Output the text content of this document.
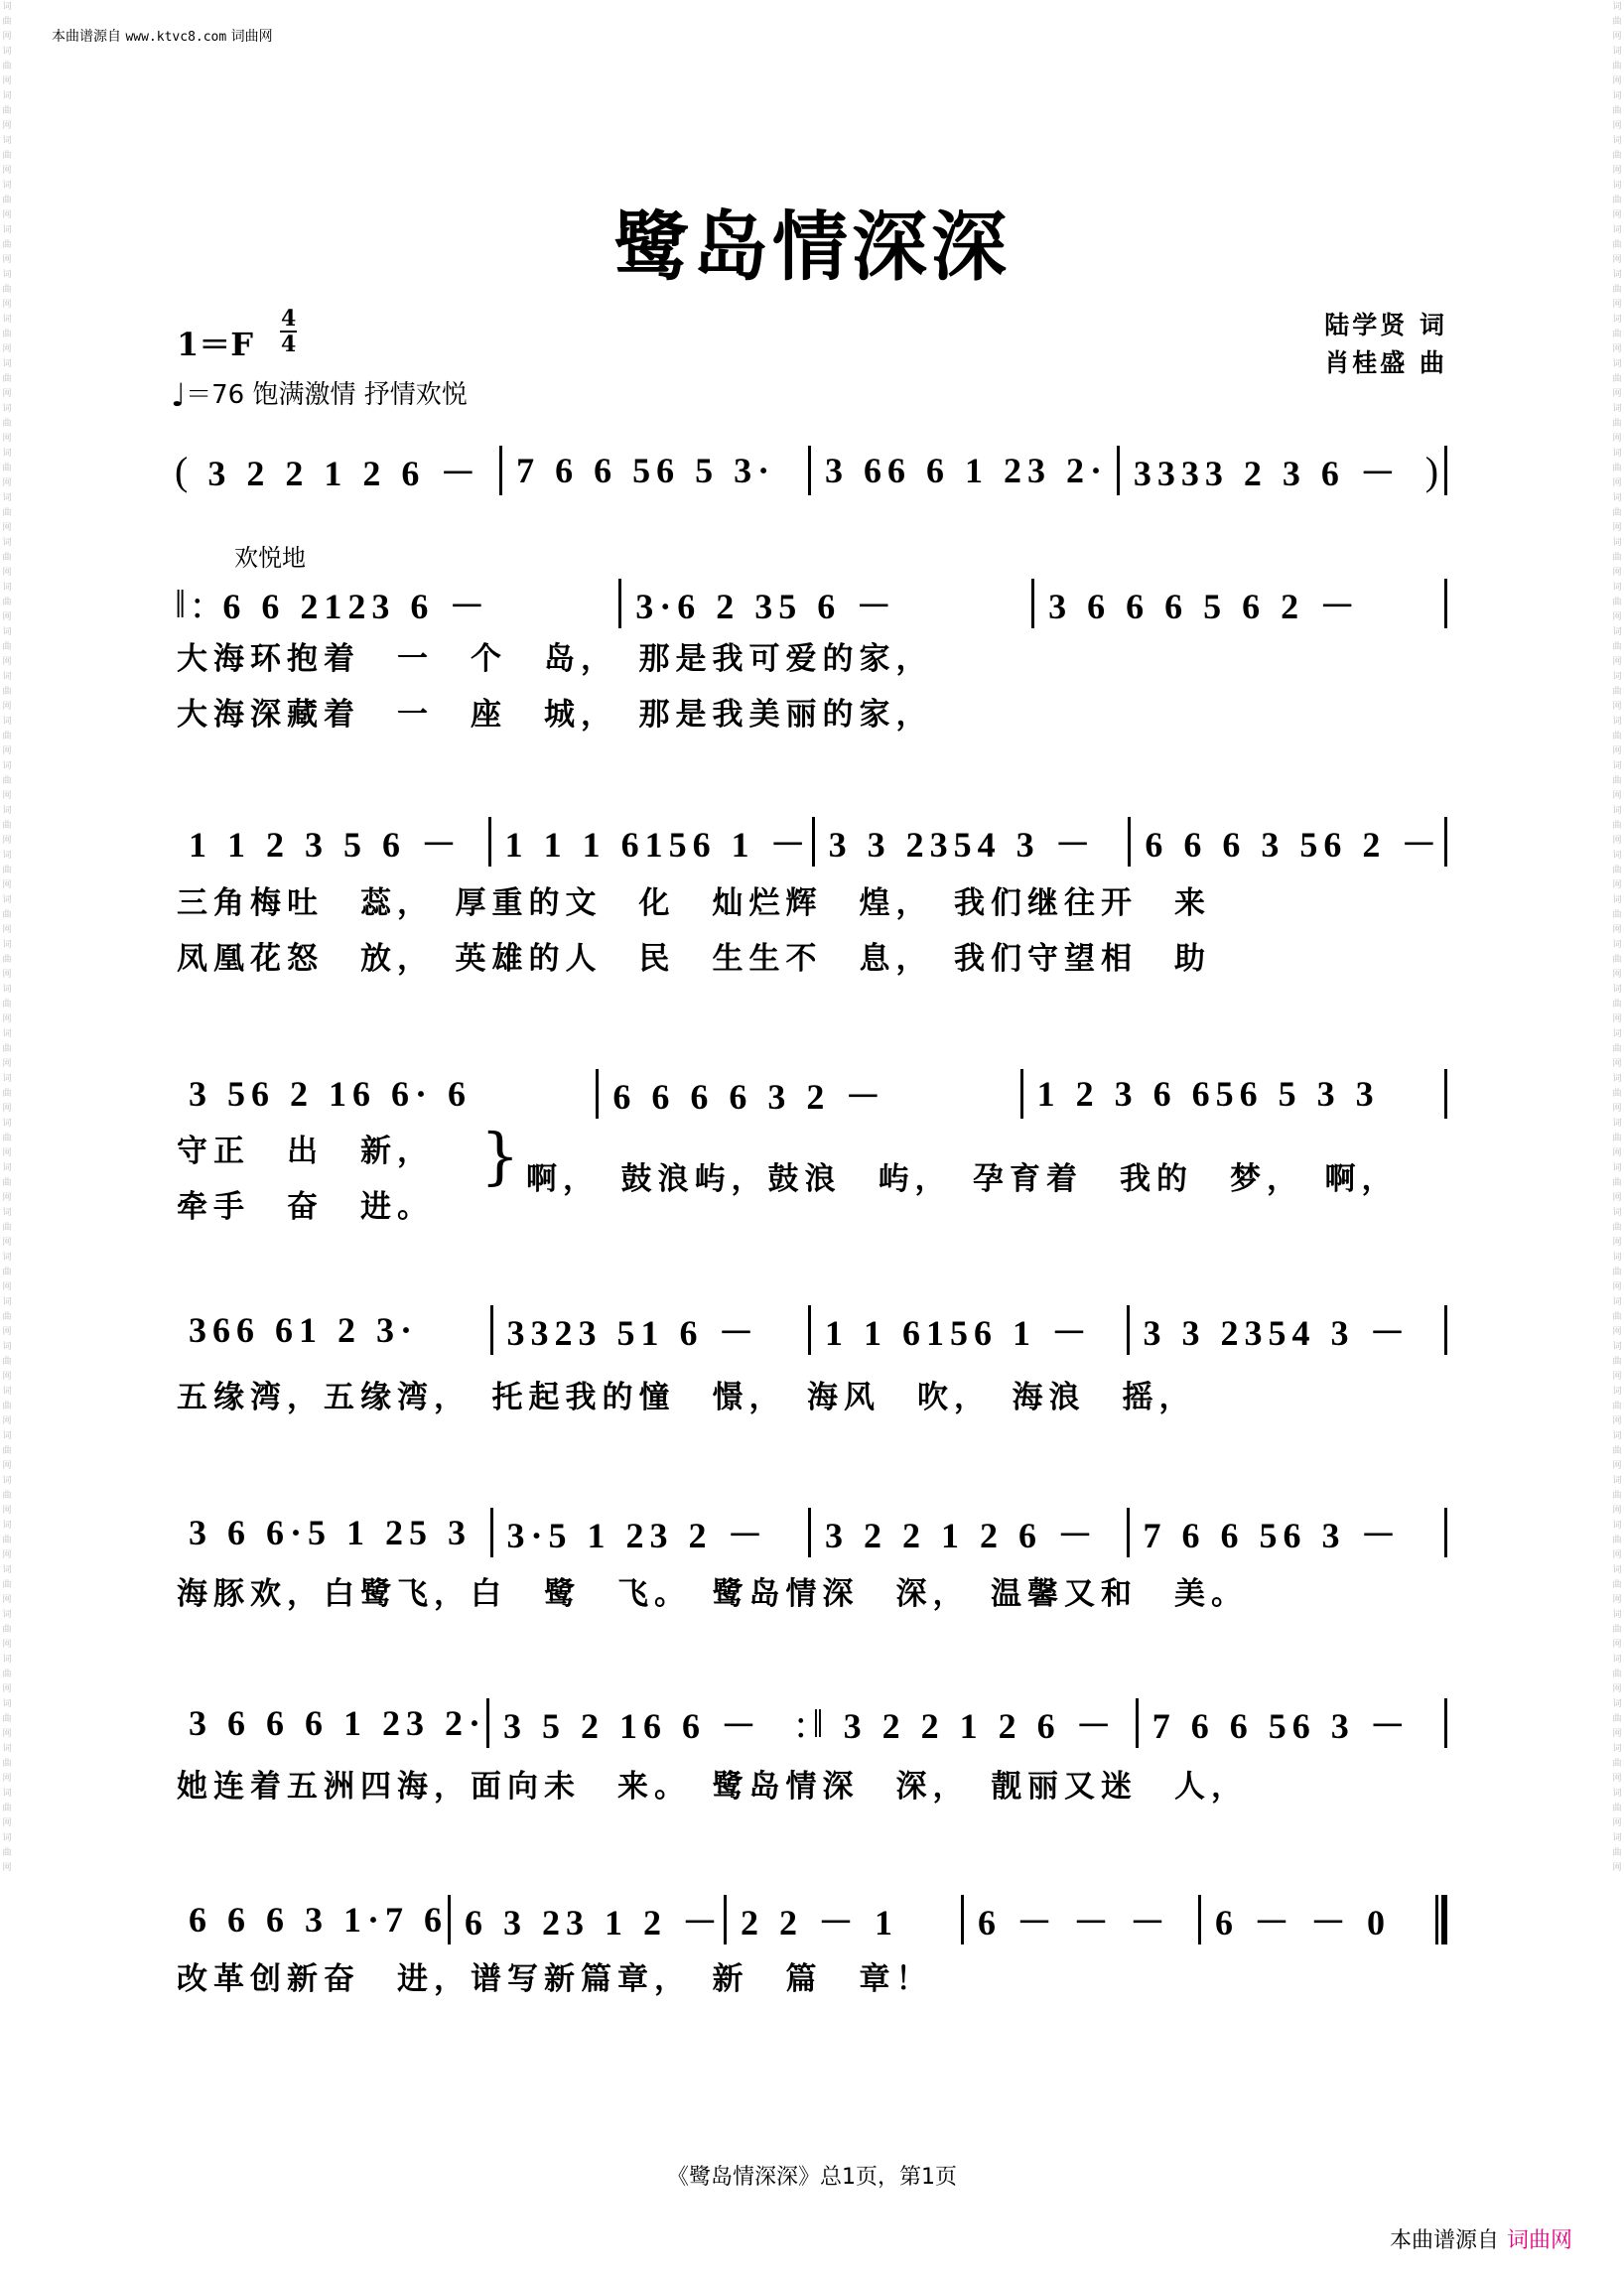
词曲网词曲网词曲网词曲网词曲网词曲网词曲网词曲网词曲网词曲网词曲网词曲网词曲网词曲网词曲网词曲网词曲网词曲网词曲网词曲网词曲网词曲网词曲网词曲网词曲网词曲网词曲网词曲网词曲网词曲网词曲网词曲网词曲网词曲网词曲网词曲网词曲网词曲网词曲网词曲网词曲网词曲网
词曲网词曲网词曲网词曲网词曲网词曲网词曲网词曲网词曲网词曲网词曲网词曲网词曲网词曲网词曲网词曲网词曲网词曲网词曲网词曲网词曲网词曲网词曲网词曲网词曲网词曲网词曲网词曲网词曲网词曲网词曲网词曲网词曲网词曲网词曲网词曲网词曲网词曲网词曲网词曲网词曲网词曲网
本曲谱源自 www.ktvc8.com 词曲网
鹭岛情深深
$1=F \frac{4}{4}$
♩＝76 饱满激情 抒情欢悦
陆学贤 词
肖桂盛 曲
欢悦地
( 3 2 2 1 2 6 － 7 6 6 56 5 3·	3 66 6 1 23 2· 3333 2 3 6 － )
‖: 6 6 2123 6 －	3·6 2 35 6 －	3 6 6 6 5 6 2 －
大海环抱着　一　个　岛，　那是我可爱的家，
大海深藏着　一　座　城，　那是我美丽的家，
1 1 2 3 5 6 －	1 1 1 6156 1 － 3 3 2354 3 －	6 6 6 3 56 2 －
三角梅吐　蕊，　厚重的文　化　灿烂辉　煌，　我们继往开　来
凤凰花怒　放，　英雄的人　民　生生不　息，　我们守望相　助
3 56 2 16 6· 6	6 6 6 6 3 2 －	1 2 3 6 656 5 3 3
守正　出　新，
牵手　奋　进。
} 啊，　鼓浪屿，鼓浪　屿，　孕育着　我的　梦，　啊，
366 61 2 3·	3323 51 6 －	1 1 6156 1 －	3 3 2354 3 －
五缘湾，五缘湾，　托起我的憧　憬，　海风　吹，　海浪　摇，
3 6 6·5 1 25 3 3·5 1 23 2 －	3 2 2 1 2 6 －	7 6 6 56 3 －
海豚欢，白鹭飞，白　鹭　飞。　鹭岛情深　深，　温馨又和　美。
3 6 6 6 1 23 2· 3 5 2 16 6 － :‖ 3 2 2 1 2 6 － 7 6 6 56 3 －
她连着五洲四海，面向未　来。　鹭岛情深　深，　靓丽又迷　人，
6 6 6 3 1·7 6 6 3 23 1 2 － 2 2 － 1	6 － － －	6 － － 0
改革创新奋　进，谱写新篇章，　新　篇　章！
《鹭岛情深深》总1页，第1页
本曲谱源自 词曲网
